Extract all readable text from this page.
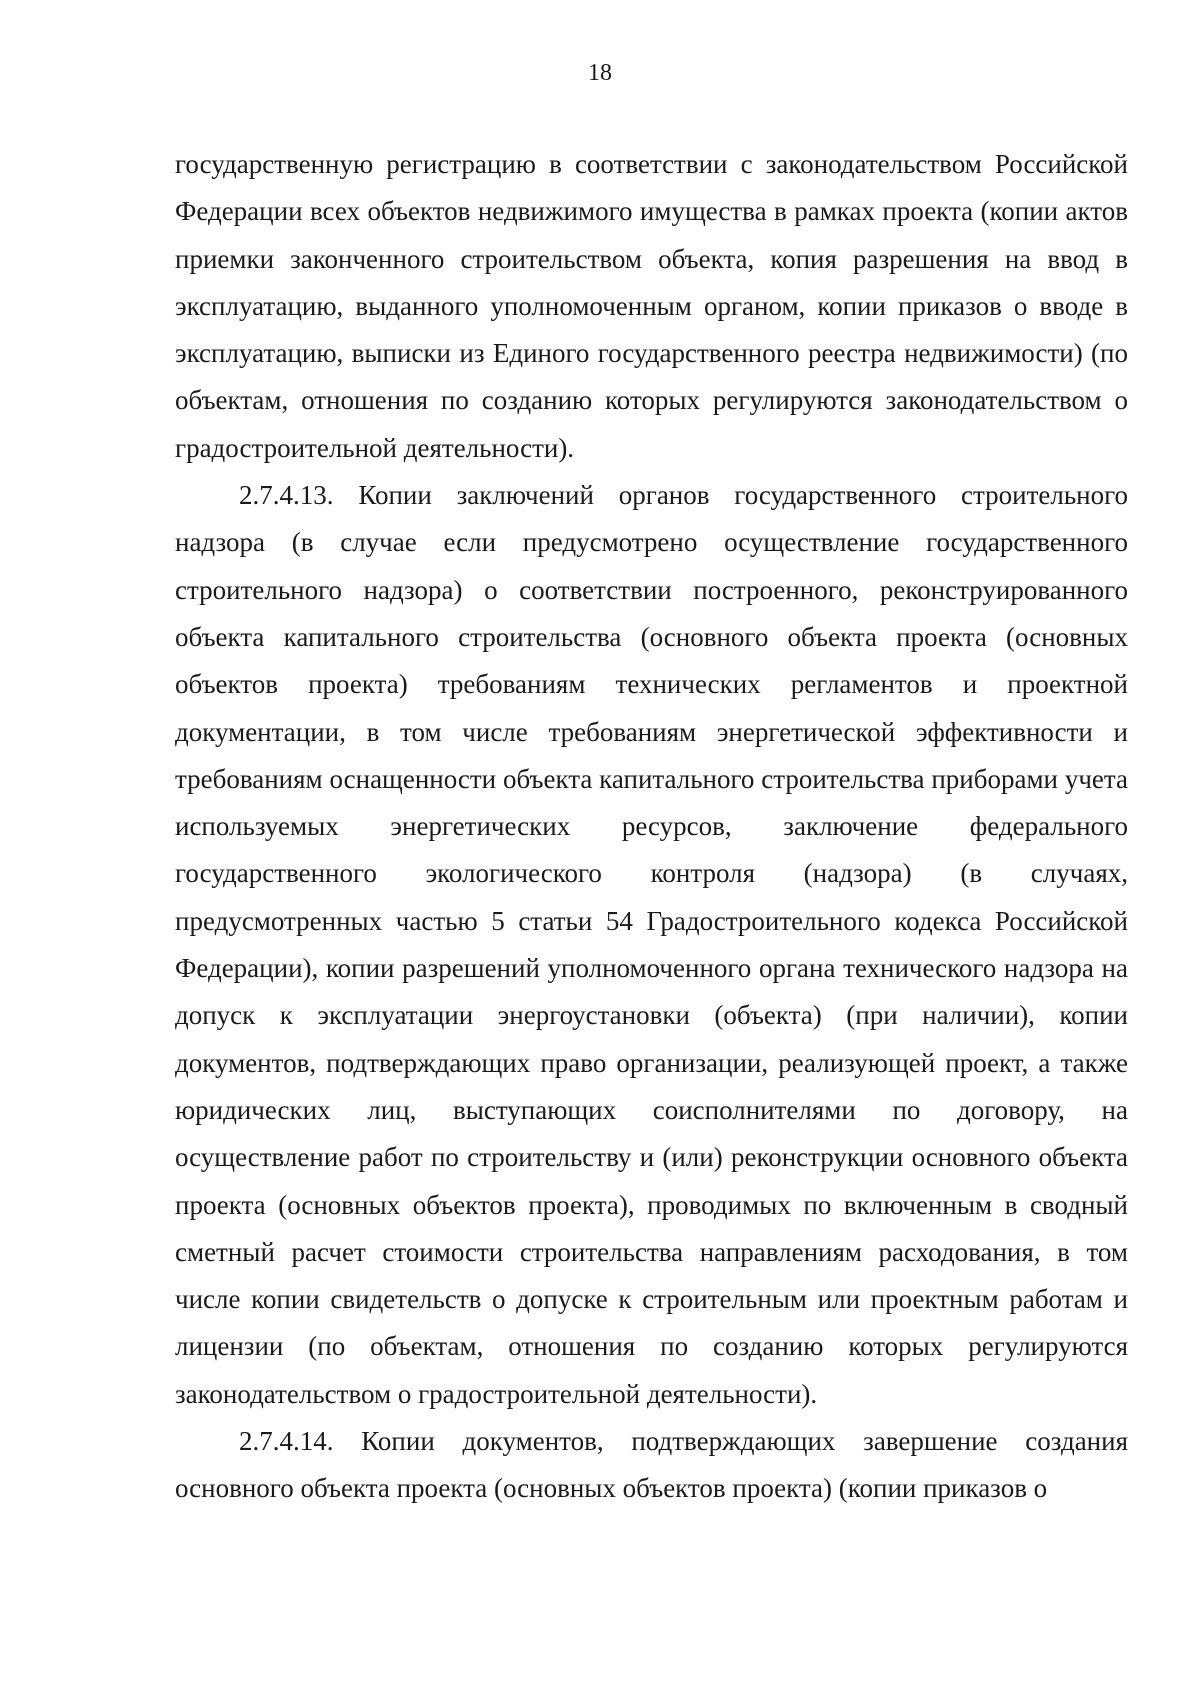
18

государственную регистрацию в соответствии с законодательством Российской Федерации всех объектов недвижимого имущества в рамках проекта (копии актов приемки законченного строительством объекта, копия разрешения на ввод в эксплуатацию, выданного уполномоченным органом, копии приказов о вводе в эксплуатацию, выписки из Единого государственного реестра недвижимости) (по объектам, отношения по созданию которых регулируются законодательством о градостроительной деятельности).

2.7.4.13. Копии заключений органов государственного строительного надзора (в случае если предусмотрено осуществление государственного строительного надзора) о соответствии построенного, реконструированного объекта капитального строительства (основного объекта проекта (основных объектов проекта) требованиям технических регламентов и проектной документации, в том числе требованиям энергетической эффективности и требованиям оснащенности объекта капитального строительства приборами учета используемых энергетических ресурсов, заключение федерального государственного экологического контроля (надзора) (в случаях, предусмотренных частью 5 статьи 54 Градостроительного кодекса Российской Федерации), копии разрешений уполномоченного органа технического надзора на допуск к эксплуатации энергоустановки (объекта) (при наличии), копии документов, подтверждающих право организации, реализующей проект, а также юридических лиц, выступающих соисполнителями по договору, на осуществление работ по строительству и (или) реконструкции основного объекта проекта (основных объектов проекта), проводимых по включенным в сводный сметный расчет стоимости строительства направлениям расходования, в том числе копии свидетельств о допуске к строительным или проектным работам и лицензии (по объектам, отношения по созданию которых регулируются законодательством о градостроительной деятельности).

2.7.4.14. Копии документов, подтверждающих завершение создания основного объекта проекта (основных объектов проекта) (копии приказов о
